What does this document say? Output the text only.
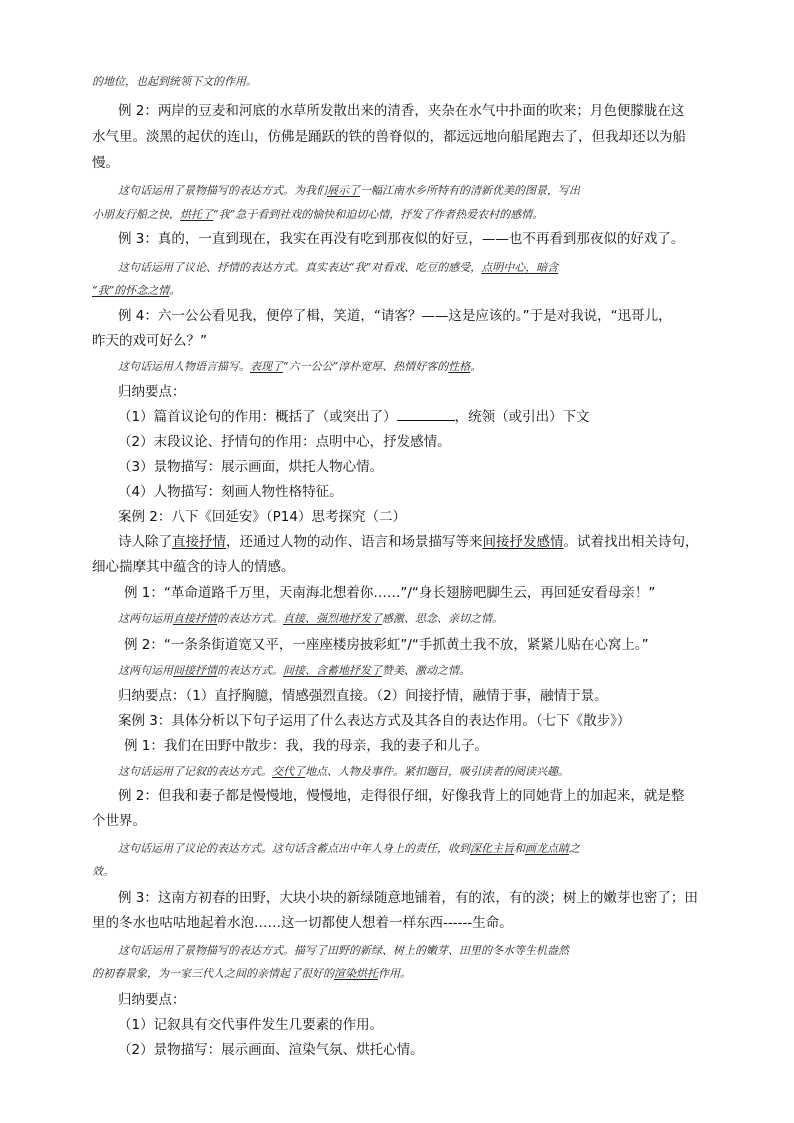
的地位，也起到统领下文的作用。
例 2：两岸的豆麦和河底的水草所发散出来的清香，夹杂在水气中扑面的吹来；月色便朦胧在这
水气里。淡黑的起伏的连山，仿佛是踊跃的铁的兽脊似的，都远远地向船尾跑去了，但我却还以为船
慢。
这句话运用了景物描写的表达方式。为我们展示了一幅江南水乡所特有的清新优美的图景，写出
小朋友行船之快，烘托了“我”急于看到社戏的愉快和迫切心情，抒发了作者热爱农村的感情。
例 3：真的，一直到现在，我实在再没有吃到那夜似的好豆，——也不再看到那夜似的好戏了。
这句话运用了议论、抒情的表达方式。真实表达“我”对看戏、吃豆的感受，点明中心，暗含
“我”的怀念之情。
例 4：六一公公看见我，便停了楫，笑道，“请客？——这是应该的。”于是对我说，“迅哥儿，
昨天的戏可好么？”
这句话运用人物语言描写。表现了“六一公公”淳朴宽厚、热情好客的性格。
归纳要点：
（1）篇首议论句的作用：概括了（或突出了）	，统领（或引出）下文
（2）末段议论、抒情句的作用：点明中心，抒发感情。
（3）景物描写：展示画面，烘托人物心情。
（4）人物描写：刻画人物性格特征。
案例 2：八下《回延安》（P14）思考探究（二）
诗人除了直接抒情，还通过人物的动作、语言和场景描写等来间接抒发感情。试着找出相关诗句，
细心揣摩其中蕴含的诗人的情感。
例 1：“革命道路千万里，天南海北想着你……”/“身长翅膀吧脚生云，再回延安看母亲！”
这两句运用直接抒情的表达方式。直接、强烈地抒发了感激、思念、亲切之情。
例 2：“一条条街道宽又平，一座座楼房披彩虹”/“手抓黄土我不放，紧紧儿贴在心窝上。”
这两句运用间接抒情的表达方式。间接、含蓄地抒发了赞美、激动之情。
归纳要点：（1）直抒胸臆，情感强烈直接。（2）间接抒情，融情于事，融情于景。
案例 3：具体分析以下句子运用了什么表达方式及其各自的表达作用。（七下《散步》）
例 1：我们在田野中散步：我，我的母亲，我的妻子和儿子。
这句话运用了记叙的表达方式。交代了地点、人物及事件。紧扣题目，吸引读者的阅读兴趣。
例 2：但我和妻子都是慢慢地，慢慢地，走得很仔细，好像我背上的同她背上的加起来，就是整
个世界。
这句话运用了议论的表达方式。这句话含蓄点出中年人身上的责任，收到深化主旨和画龙点睛之
效。
例 3：这南方初春的田野，大块小块的新绿随意地铺着，有的浓，有的淡；树上的嫩芽也密了；田
里的冬水也咕咕地起着水泡……这一切都使人想着一样东西------生命。
这句话运用了景物描写的表达方式。描写了田野的新绿、树上的嫩芽、田里的冬水等生机盎然
的初春景象，为一家三代人之间的亲情起了很好的渲染烘托作用。
归纳要点：
（1）记叙具有交代事件发生几要素的作用。
（2）景物描写：展示画面、渲染气氛、烘托心情。
